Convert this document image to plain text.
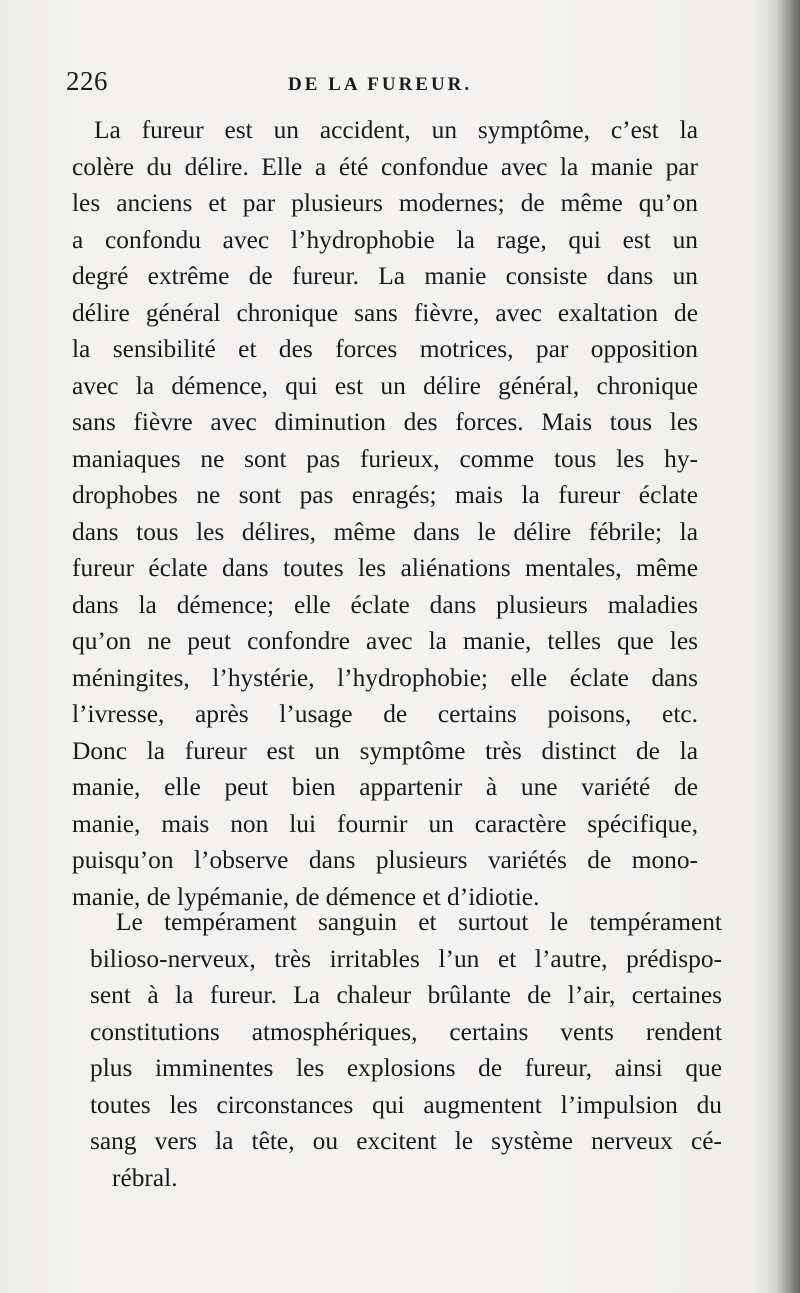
226	DE LA FUREUR.
La fureur est un accident, un symptôme, c’est la
colère du délire. Elle a été confondue avec la manie par
les anciens et par plusieurs modernes; de même qu’on
a confondu avec l’hydrophobie la rage, qui est un
degré extrême de fureur. La manie consiste dans un
délire général chronique sans fièvre, avec exaltation de
la sensibilité et des forces motrices, par opposition
avec la démence, qui est un délire général, chronique
sans fièvre avec diminution des forces. Mais tous les
maniaques ne sont pas furieux, comme tous les hy-
drophobes ne sont pas enragés; mais la fureur éclate
dans tous les délires, même dans le délire fébrile; la
fureur éclate dans toutes les aliénations mentales, même
dans la démence; elle éclate dans plusieurs maladies
qu’on ne peut confondre avec la manie, telles que les
méningites, l’hystérie, l’hydrophobie; elle éclate dans
l’ivresse, après l’usage de certains poisons, etc.
Donc la fureur est un symptôme très distinct de la
manie, elle peut bien appartenir à une variété de
manie, mais non lui fournir un caractère spécifique,
puisqu’on l’observe dans plusieurs variétés de mono-
manie, de lypémanie, de démence et d’idiotie.
Le tempérament sanguin et surtout le tempérament
bilioso-nerveux, très irritables l’un et l’autre, prédispo-
sent à la fureur. La chaleur brûlante de l’air, certaines
constitutions atmosphériques, certains vents rendent
plus imminentes les explosions de fureur, ainsi que
toutes les circonstances qui augmentent l’impulsion du
sang vers la tête, ou excitent le système nerveux cé-
rébral.
